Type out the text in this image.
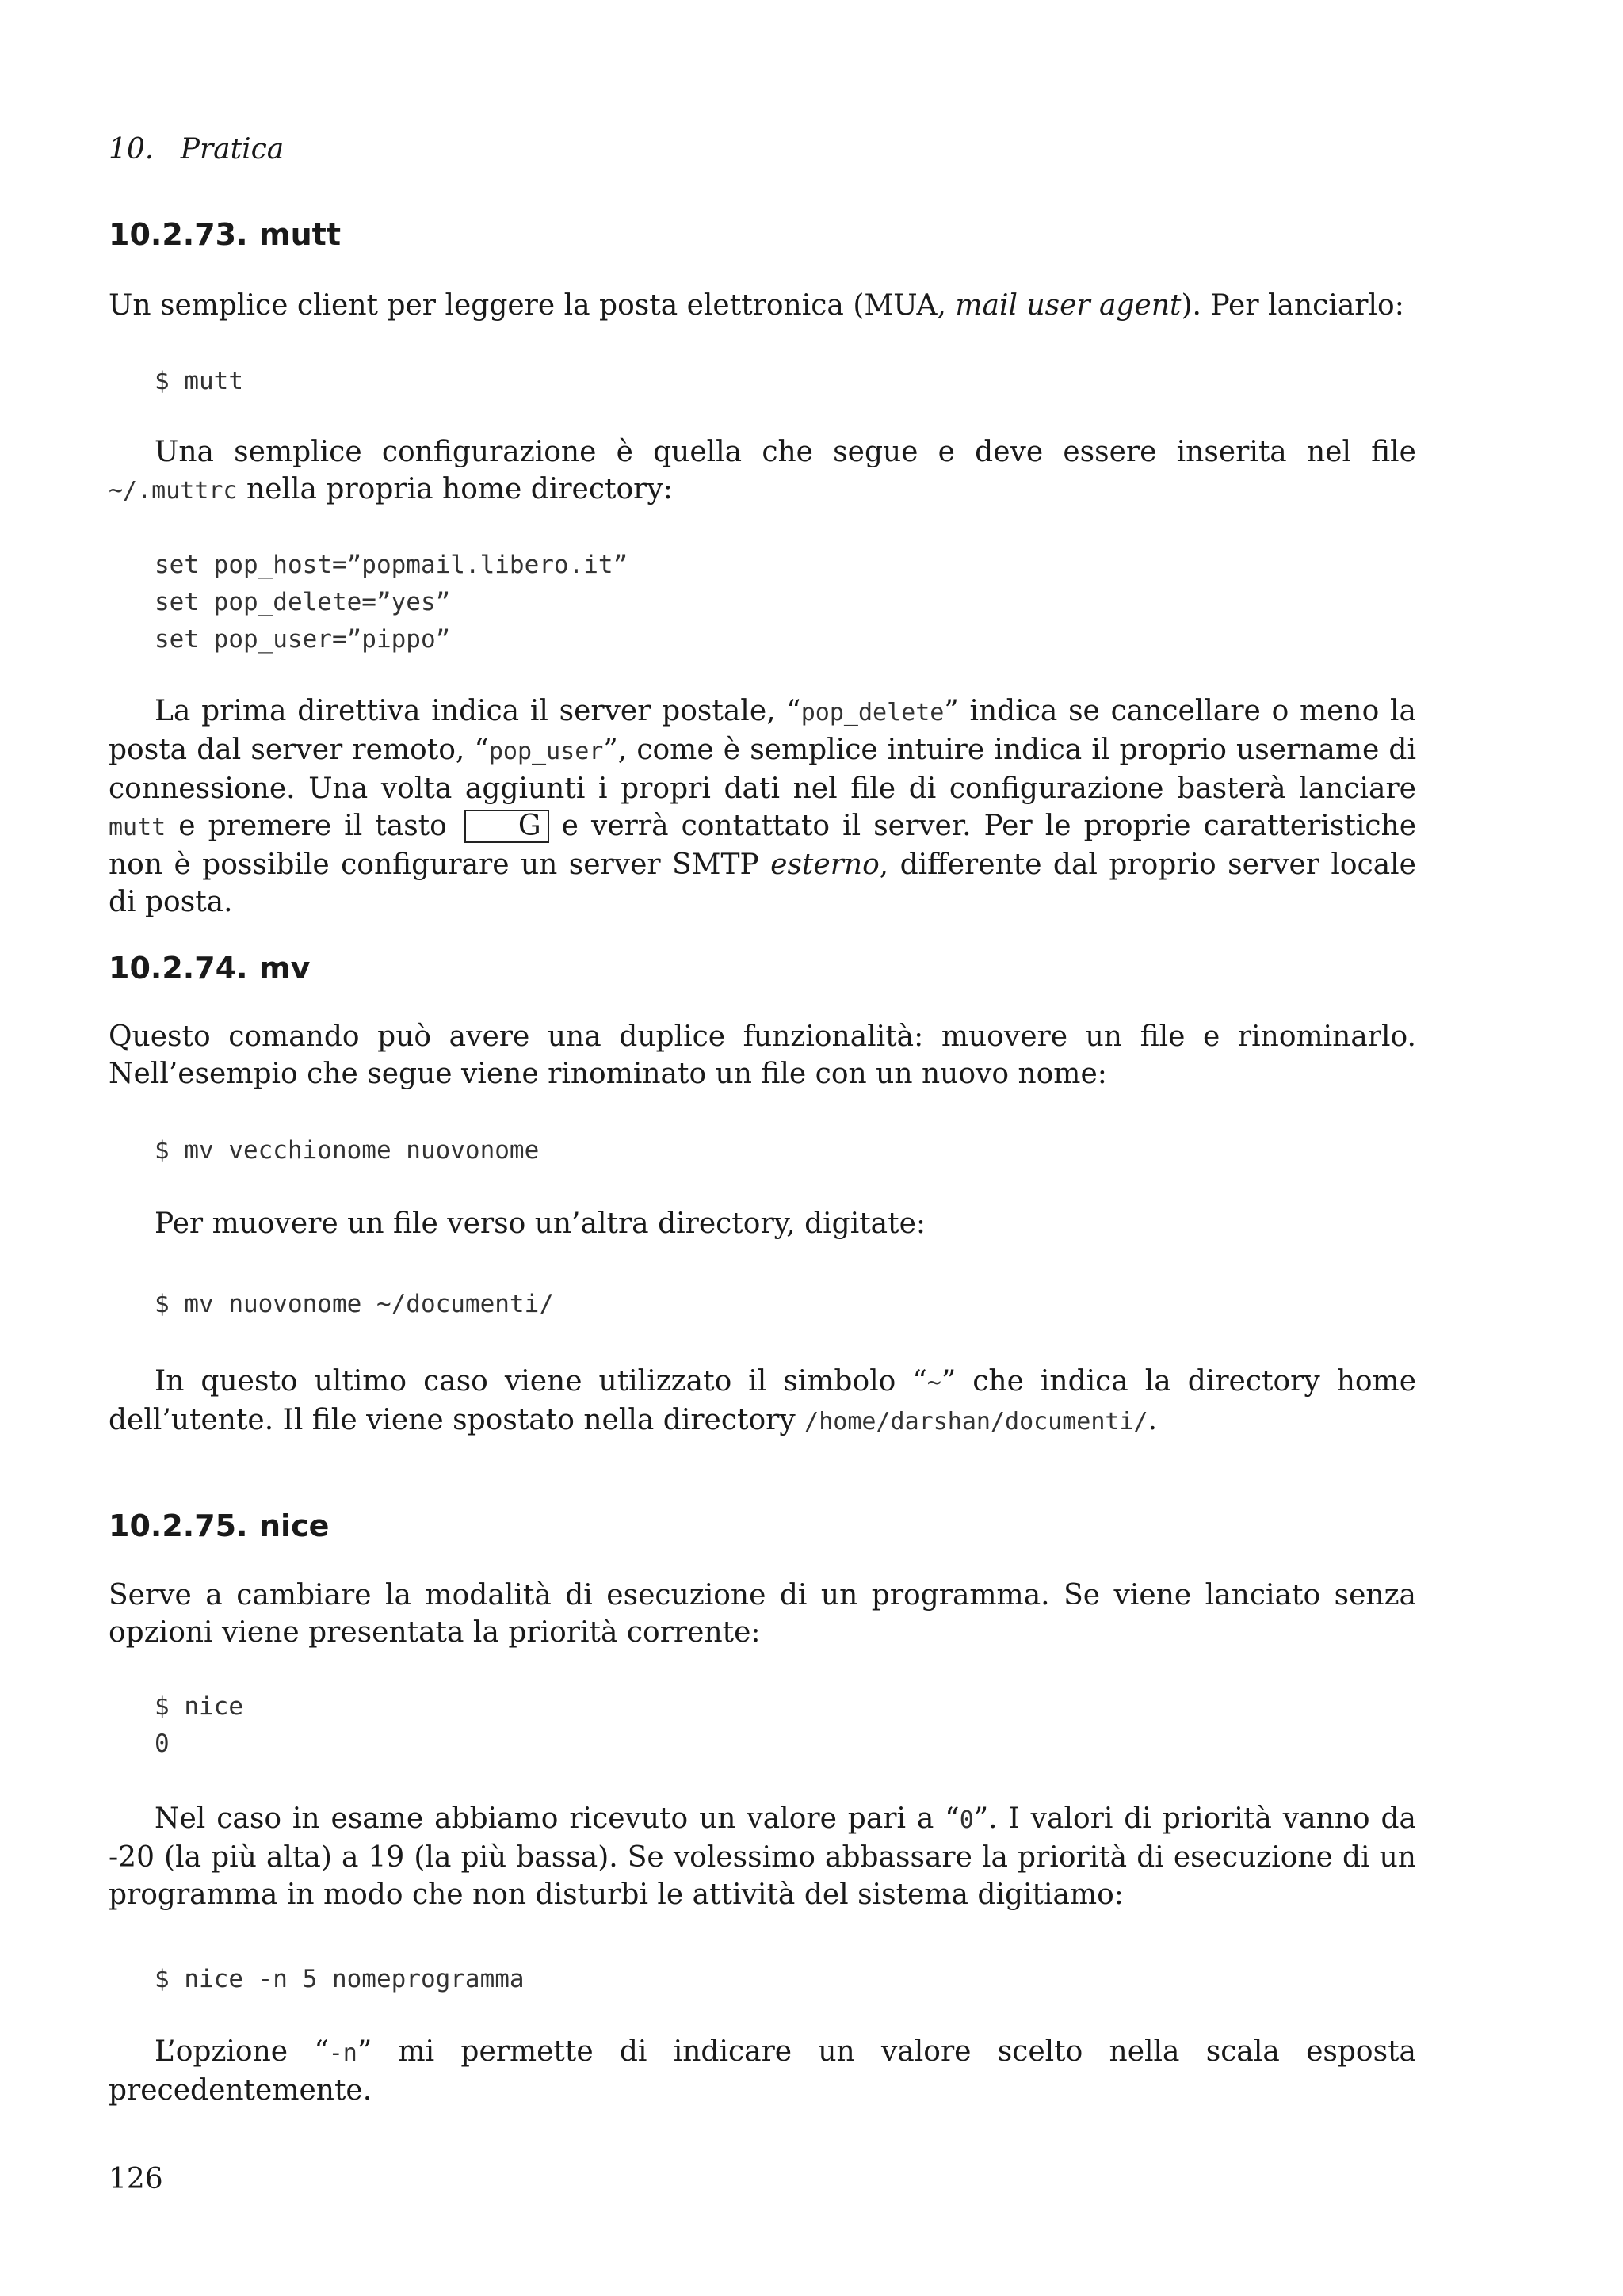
10. Pratica
10.2.73. mutt
Un semplice client per leggere la posta elettronica (MUA, mail user agent). Per lanciarlo:
$ mutt
Una semplice configurazione è quella che segue e deve essere inserita nel file ~/.muttrc nella propria home directory:
set pop_host=”popmail.libero.it”
set pop_delete=”yes”
set pop_user=”pippo”
La prima direttiva indica il server postale, “pop_delete” indica se cancellare o meno la posta dal server remoto, “pop_user”, come è semplice intuire indica il proprio username di connessione. Una volta aggiunti i propri dati nel file di configurazione basterà lanciare mutt e premere il tasto G e verrà contattato il server. Per le proprie caratteristiche non è possibile configurare un server SMTP esterno, differente dal proprio server locale di posta.
10.2.74. mv
Questo comando può avere una duplice funzionalità: muovere un file e rinominarlo. Nell’esempio che segue viene rinominato un file con un nuovo nome:
$ mv vecchionome nuovonome
Per muovere un file verso un’altra directory, digitate:
$ mv nuovonome ~/documenti/
In questo ultimo caso viene utilizzato il simbolo “~” che indica la directory home dell’utente. Il file viene spostato nella directory /home/darshan/documenti/.
10.2.75. nice
Serve a cambiare la modalità di esecuzione di un programma. Se viene lanciato senza opzioni viene presentata la priorità corrente:
$ nice
0
Nel caso in esame abbiamo ricevuto un valore pari a “0”. I valori di priorità vanno da -20 (la più alta) a 19 (la più bassa). Se volessimo abbassare la priorità di esecuzione di un programma in modo che non disturbi le attività del sistema digitiamo:
$ nice -n 5 nomeprogramma
L’opzione “-n” mi permette di indicare un valore scelto nella scala esposta precedentemente.
126
